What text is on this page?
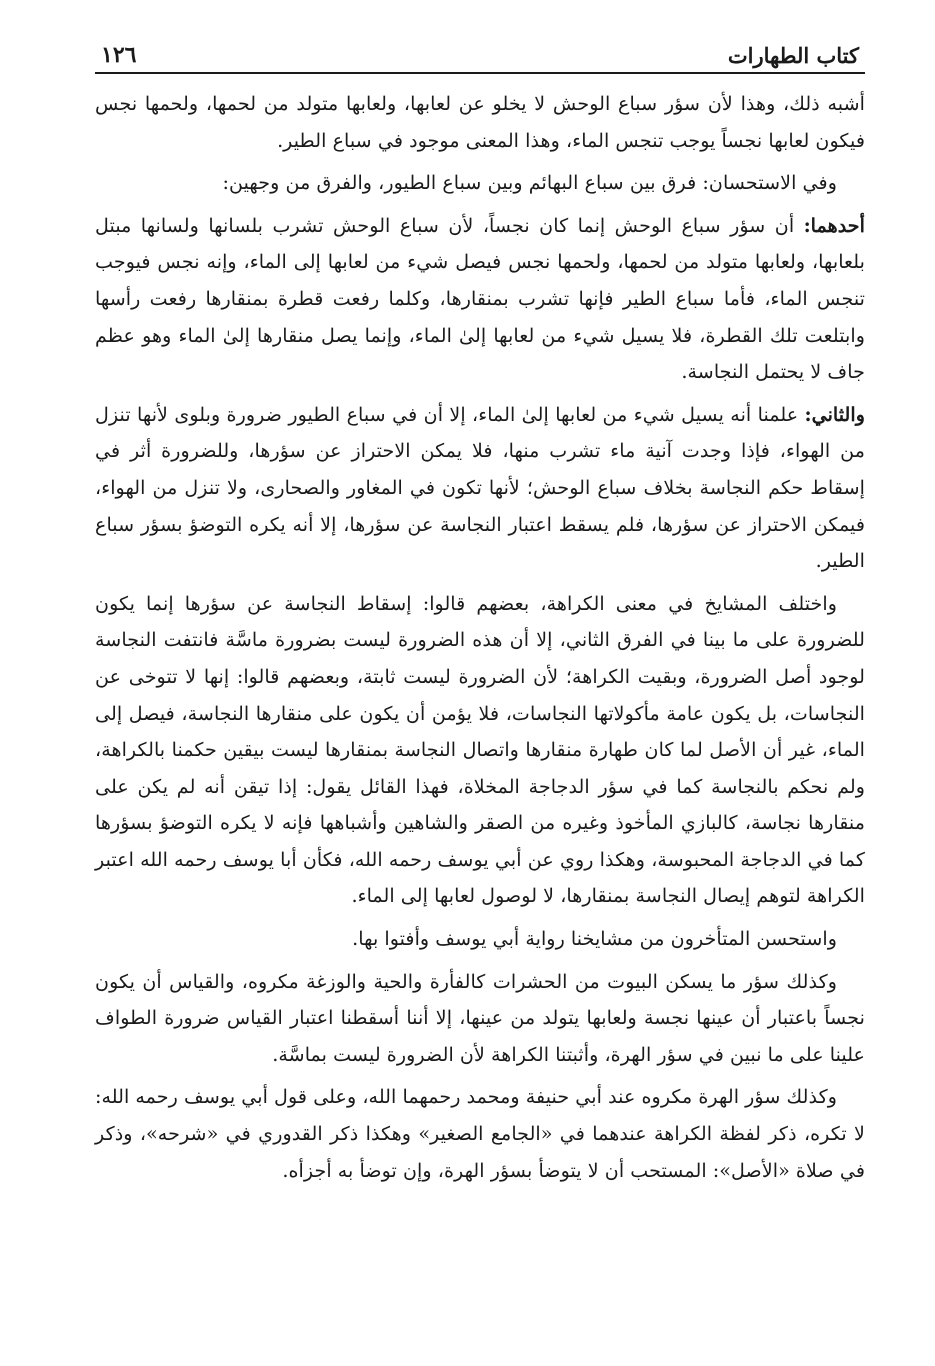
كتاب الطهارات
١٢٦

أشبه ذلك، وهذا لأن سؤر سباع الوحش لا يخلو عن لعابها، ولعابها متولد من لحمها، ولحمها نجس فيكون لعابها نجساً يوجب تنجس الماء، وهذا المعنى موجود في سباع الطير.

وفي الاستحسان: فرق بين سباع البهائم وبين سباع الطيور، والفرق من وجهين:

أحدهما: أن سؤر سباع الوحش إنما كان نجساً، لأن سباع الوحش تشرب بلسانها ولسانها مبتل بلعابها، ولعابها متولد من لحمها، ولحمها نجس فيصل شيء من لعابها إلى الماء، وإنه نجس فيوجب تنجس الماء، فأما سباع الطير فإنها تشرب بمنقارها، وكلما رفعت قطرة بمنقارها رفعت رأسها وابتلعت تلك القطرة، فلا يسيل شيء من لعابها إلىٰ الماء، وإنما يصل منقارها إلىٰ الماء وهو عظم جاف لا يحتمل النجاسة.

والثاني: علمنا أنه يسيل شيء من لعابها إلىٰ الماء، إلا أن في سباع الطيور ضرورة وبلوى لأنها تنزل من الهواء، فإذا وجدت آنية ماء تشرب منها، فلا يمكن الاحتراز عن سؤرها، وللضرورة أثر في إسقاط حكم النجاسة بخلاف سباع الوحش؛ لأنها تكون في المغاور والصحارى، ولا تنزل من الهواء، فيمكن الاحتراز عن سؤرها، فلم يسقط اعتبار النجاسة عن سؤرها، إلا أنه يكره التوضؤ بسؤر سباع الطير.

واختلف المشايخ في معنى الكراهة، بعضهم قالوا: إسقاط النجاسة عن سؤرها إنما يكون للضرورة على ما بينا في الفرق الثاني، إلا أن هذه الضرورة ليست بضرورة ماسَّة فانتفت النجاسة لوجود أصل الضرورة، وبقيت الكراهة؛ لأن الضرورة ليست ثابتة، وبعضهم قالوا: إنها لا تتوخى عن النجاسات، بل يكون عامة مأكولاتها النجاسات، فلا يؤمن أن يكون على منقارها النجاسة، فيصل إلى الماء، غير أن الأصل لما كان طهارة منقارها واتصال النجاسة بمنقارها ليست بيقين حكمنا بالكراهة، ولم نحكم بالنجاسة كما في سؤر الدجاجة المخلاة، فهذا القائل يقول: إذا تيقن أنه لم يكن على منقارها نجاسة، كالبازي المأخوذ وغيره من الصقر والشاهين وأشباهها فإنه لا يكره التوضؤ بسؤرها كما في الدجاجة المحبوسة، وهكذا روي عن أبي يوسف رحمه الله، فكأن أبا يوسف رحمه الله اعتبر الكراهة لتوهم إيصال النجاسة بمنقارها، لا لوصول لعابها إلى الماء.

واستحسن المتأخرون من مشايخنا رواية أبي يوسف وأفتوا بها.

وكذلك سؤر ما يسكن البيوت من الحشرات كالفأرة والحية والوزغة مكروه، والقياس أن يكون نجساً باعتبار أن عينها نجسة ولعابها يتولد من عينها، إلا أننا أسقطنا اعتبار القياس ضرورة الطواف علينا على ما نبين في سؤر الهرة، وأثبتنا الكراهة لأن الضرورة ليست بماسَّة.

وكذلك سؤر الهرة مكروه عند أبي حنيفة ومحمد رحمهما الله، وعلى قول أبي يوسف رحمه الله: لا تكره، ذكر لفظة الكراهة عندهما في «الجامع الصغير» وهكذا ذكر القدوري في «شرحه»، وذكر في صلاة «الأصل»: المستحب أن لا يتوضأ بسؤر الهرة، وإن توضأ به أجزأه.
